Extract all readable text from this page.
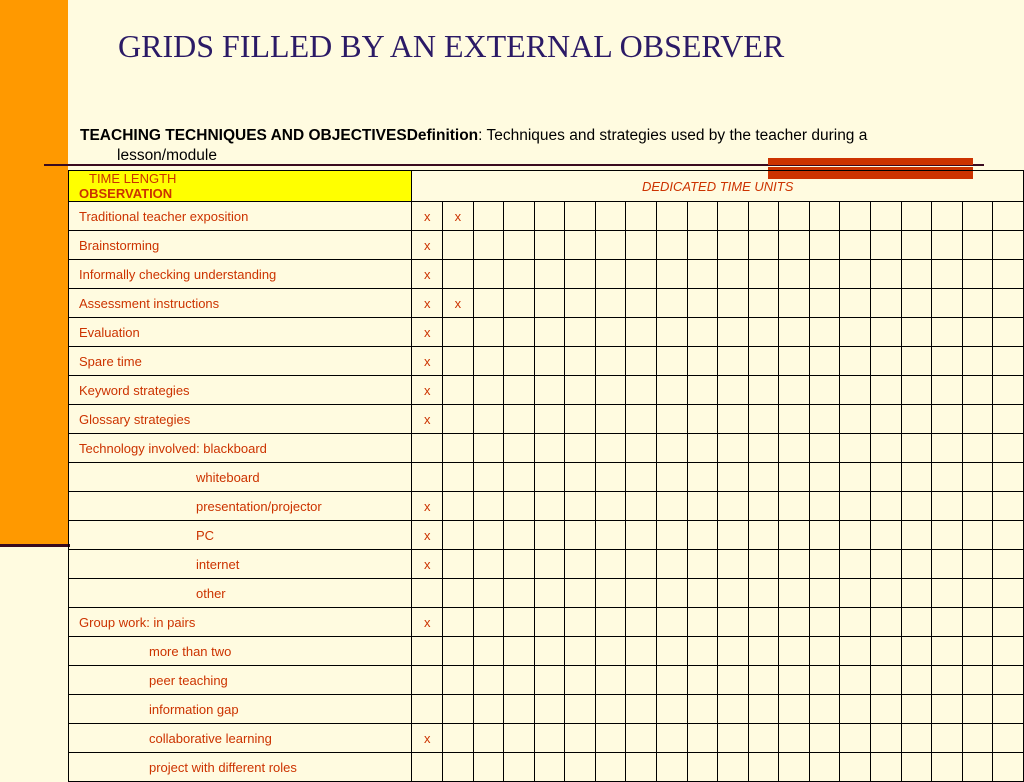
GRIDS FILLED BY AN EXTERNAL OBSERVER
TEACHING TECHNIQUES AND OBJECTIVESDefinition: Techniques and strategies used by the teacher during a
lesson/module
TIME LENGTH
OBSERVATION	DEDICATED TIME UNITS																			

Traditional teacher exposition	x	x																		

Brainstorming	x																			

Informally checking understanding	x																			

Assessment instructions	x	x																		

Evaluation	x																			

Spare time	x																			

Keyword strategies	x																			

Glossary strategies	x																			

Technology involved: blackboard																				

whiteboard																				

presentation/projector	x																			

PC	x																			

internet	x																			

other																				

Group work: in pairs	x																			

more than two																				

peer teaching																				

information gap																				

collaborative learning	x																			

project with different roles																				
